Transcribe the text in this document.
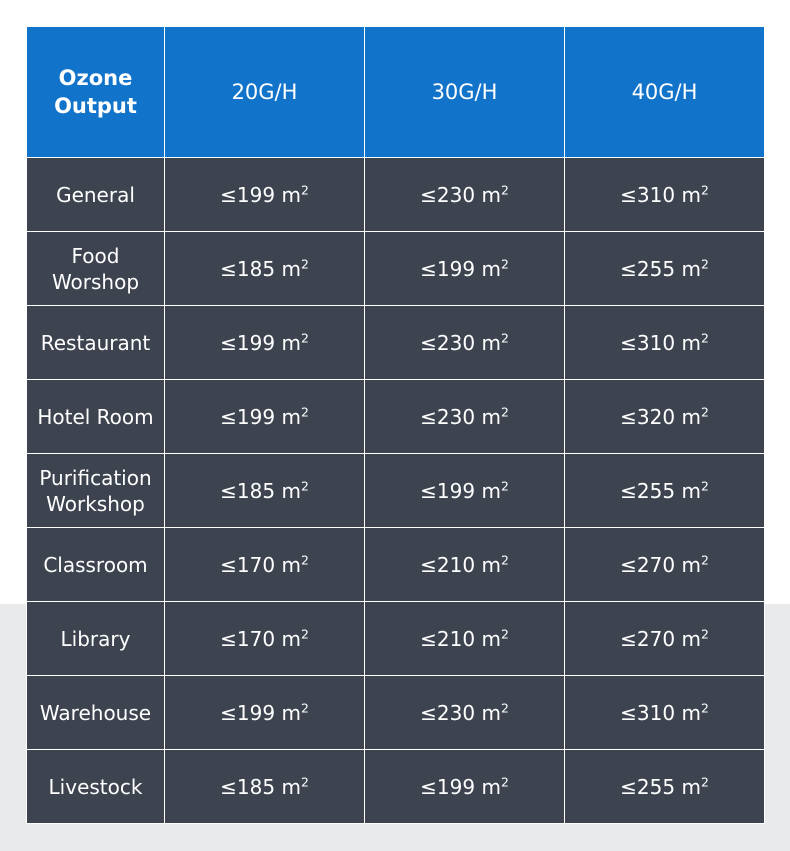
Ozone
Output	20G/H	30G/H	40G/H

General	≤199 $m^2$	≤230 $m^2$	≤310 $m^2$

Food
Worshop	≤185 $m^2$	≤199 $m^2$	≤255 $m^2$

Restaurant	≤199 $m^2$	≤230 $m^2$	≤310 $m^2$

Hotel Room	≤199 $m^2$	≤230 $m^2$	≤320 $m^2$

Purification
Workshop	≤185 $m^2$	≤199 $m^2$	≤255 $m^2$

Classroom	≤170 $m^2$	≤210 $m^2$	≤270 $m^2$

Library	≤170 $m^2$	≤210 $m^2$	≤270 $m^2$

Warehouse	≤199 $m^2$	≤230 $m^2$	≤310 $m^2$

Livestock	≤185 $m^2$	≤199 $m^2$	≤255 $m^2$
